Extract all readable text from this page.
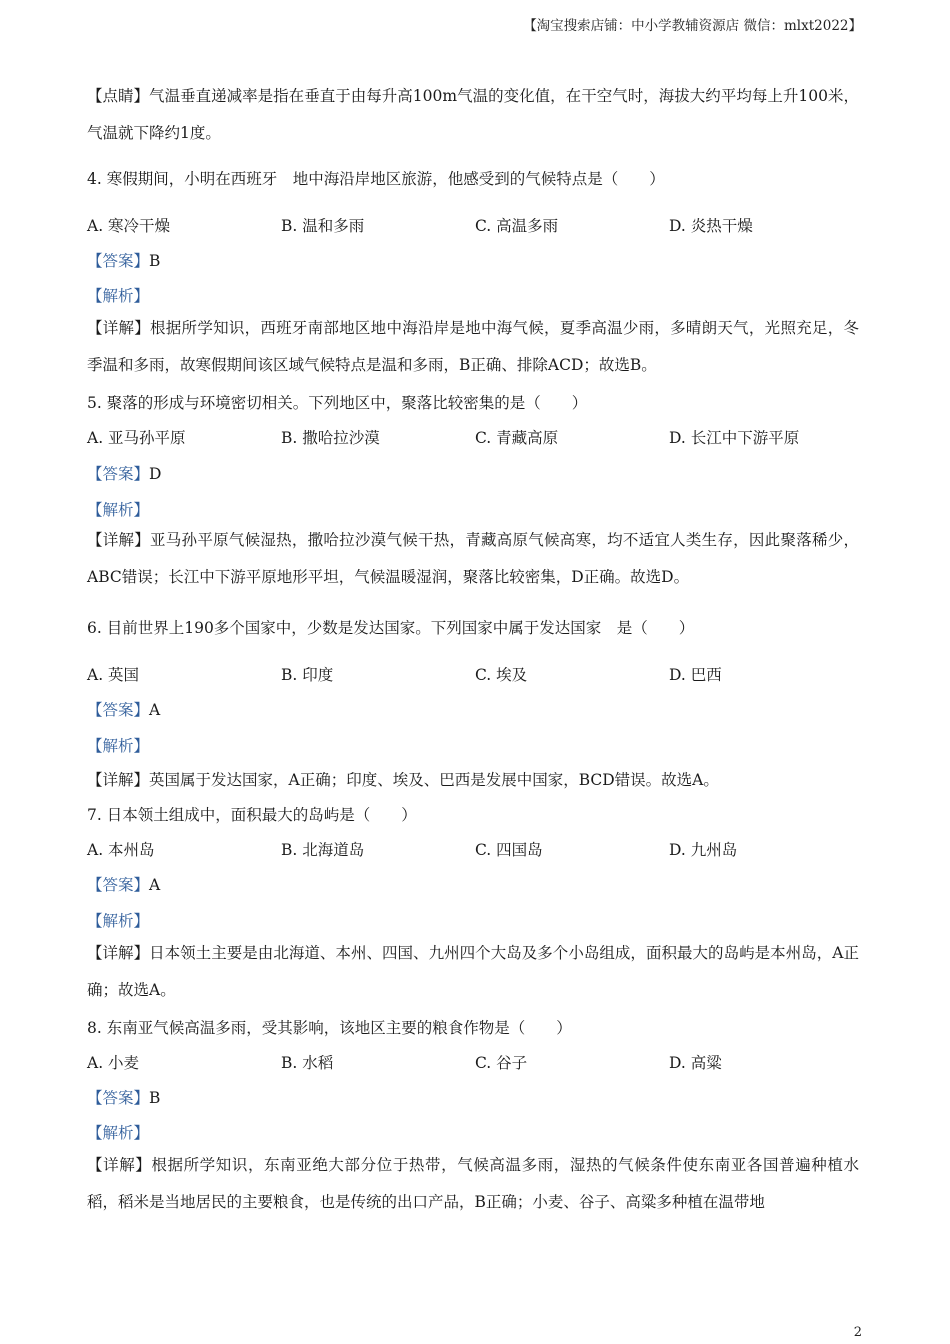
【淘宝搜索店铺：中小学教辅资源店 微信：mlxt2022】
【点睛】气温垂直递减率是指在垂直于由每升高100m气温的变化值，在干空气时，海拔大约平均每上升100米，气温就下降约1度。
4. 寒假期间，小明在西班牙　地中海沿岸地区旅游，他感受到的气候特点是（　　）
A. 寒冷干燥	B. 温和多雨	C. 高温多雨	D. 炎热干燥
【答案】B
【解析】
【详解】根据所学知识，西班牙南部地区地中海沿岸是地中海气候，夏季高温少雨，多晴朗天气，光照充足，冬季温和多雨，故寒假期间该区域气候特点是温和多雨，B正确、排除ACD；故选B。
5. 聚落的形成与环境密切相关。下列地区中，聚落比较密集的是（　　）
A. 亚马孙平原	B. 撒哈拉沙漠	C. 青藏高原	D. 长江中下游平原
【答案】D
【解析】
【详解】亚马孙平原气候湿热，撒哈拉沙漠气候干热，青藏高原气候高寒，均不适宜人类生存，因此聚落稀少，ABC错误；长江中下游平原地形平坦，气候温暖湿润，聚落比较密集，D正确。故选D。
6. 目前世界上190多个国家中，少数是发达国家。下列国家中属于发达国家　是（　　）
A. 英国	B. 印度	C. 埃及	D. 巴西
【答案】A
【解析】
【详解】英国属于发达国家，A正确；印度、埃及、巴西是发展中国家，BCD错误。故选A。
7. 日本领土组成中，面积最大的岛屿是（　　）
A. 本州岛	B. 北海道岛	C. 四国岛	D. 九州岛
【答案】A
【解析】
【详解】日本领土主要是由北海道、本州、四国、九州四个大岛及多个小岛组成，面积最大的岛屿是本州岛，A正确；故选A。
8. 东南亚气候高温多雨，受其影响，该地区主要的粮食作物是（　　）
A. 小麦	B. 水稻	C. 谷子	D. 高粱
【答案】B
【解析】
【详解】根据所学知识，东南亚绝大部分位于热带，气候高温多雨，湿热的气候条件使东南亚各国普遍种植水稻，稻米是当地居民的主要粮食，也是传统的出口产品，B正确；小麦、谷子、高粱多种植在温带地
2
